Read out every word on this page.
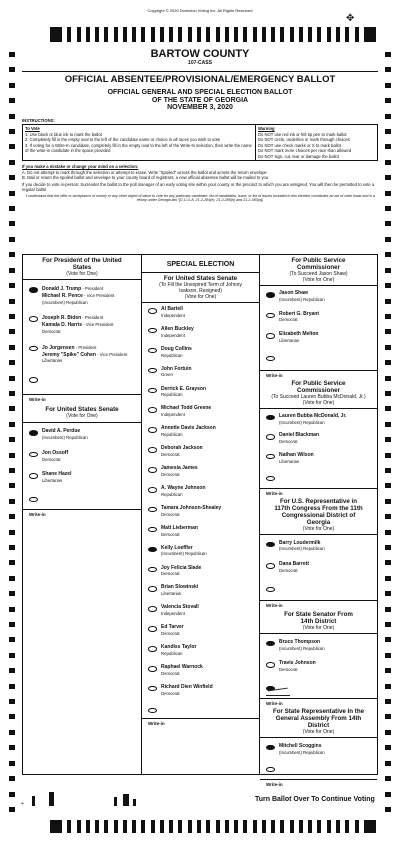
Copyright © 2020 Dominion Voting Inc. All Rights Reserved
✥
BARTOW COUNTY
107-CASS
OFFICIAL ABSENTEE/PROVISIONAL/EMERGENCY BALLOT
OFFICIAL GENERAL AND SPECIAL ELECTION BALLOT
OF THE STATE OF GEORGIA
NOVEMBER 3, 2020
INSTRUCTIONS:

To Vote

1. Use black or blue ink to mark the ballot

2. Completely fill in the empty oval to the left of the candidate name or choice in all races you wish to vote

3. If voting for a Write-In candidate, completely fill in the empty oval to the left of the Write-In selection, then write the name of the write-in candidate in the space provided

Warning

Do NOT use red ink or felt tip pen to mark ballot

Do NOT circle, underline or mark through choices

Do NOT use check marks or X to mark ballot

Do NOT mark more choices per race than allowed

Do NOT sign, cut, tear or damage the ballot

If you make a mistake or change your mind on a selection:

A. Do not attempt to mark through the selection or attempt to erase. Write "Spoiled" across the ballot and across the return envelope

B. Mail or return the spoiled ballot and envelope to your county board of registrars; a new official absentee ballot will be mailed to you

If you decide to vote in-person: Surrender the ballot to the poll manager of an early voting site within your county or the precinct to which you are assigned. You will then be permitted to vote a regular ballot

"I understand that the offer or acceptance of money or any other object of value to vote for any particular candidate, list of candidates, issue, or list of issues included in this election constitutes an act of voter fraud and is a felony under Georgia law."[O.C.G.A. 21-2-284(e), 21-2-285(h) and 21-2-383(a)]

For President of the United States
(Vote for One)
Donald J. Trump - President
Michael R. Pence - Vice President
(Incumbent) Republican
Joseph R. Biden - President
Kamala D. Harris - Vice President
Democrat
Jo Jorgensen - President
Jeremy "Spike" Cohen - Vice President
Libertarian
Write-in
For United States Senate
(Vote for One)
David A. Perdue
(Incumbent) Republican
Jon Ossoff
Democrat
Shane Hazel
Libertarian
Write-in
SPECIAL ELECTION
For United States Senate
(To Fill the Unexpired Term of Johnny Isakson, Resigned)
(Vote for One)
Al Bartell
Independent
Allen Buckley
Independent
Doug Collins
Republican
John Fortuin
Green
Derrick E. Grayson
Republican
Michael Todd Greene
Independent
Annette Davis Jackson
Republican
Deborah Jackson
Democrat
Jamesia James
Democrat
A. Wayne Johnson
Republican
Tamara Johnson-Shealey
Democrat
Matt Lieberman
Democrat
Kelly Loeffler
(Incumbent) Republican
Joy Felicia Slade
Democrat
Brian Slowinski
Libertarian
Valencia Stovall
Independent
Ed Tarver
Democrat
Kandiss Taylor
Republican
Raphael Warnock
Democrat
Richard Dien Winfield
Democrat
Write-in
For Public Service Commissioner
(To Succeed Jason Shaw)
(Vote for One)
Jason Shaw
(Incumbent) Republican
Robert G. Bryant
Democrat
Elizabeth Melton
Libertarian
Write-in
For Public Service Commissioner
(To Succeed Lauren Bubba McDonald, Jr.)
(Vote for One)
Lauren Bubba McDonald, Jr.
(Incumbent) Republican
Daniel Blackman
Democrat
Nathan Wilson
Libertarian
Write-in
For U.S. Representative in 117th Congress From the 11th Congressional District of Georgia
(Vote for One)
Barry Loudermilk
(Incumbent) Republican
Dana Barrett
Democrat
Write-in
For State Senator From 14th District
(Vote for One)
Bruce Thompson
(Incumbent) Republican
Travis Johnson
Democrat
Write-in
For State Representative In the General Assembly From 14th District
(Vote for One)
Mitchell Scoggins
(Incumbent) Republican
Write-in
+
Turn Ballot Over To Continue Voting
